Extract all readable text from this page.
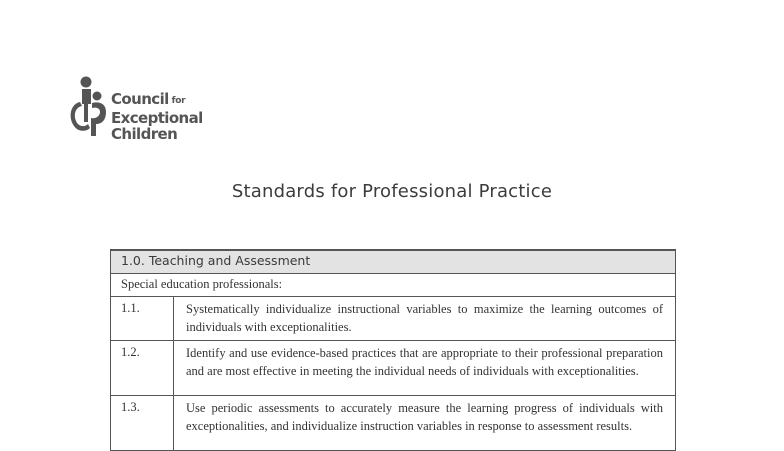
Council for
Exceptional
Children
Standards for Professional Practice
1.0. Teaching and Assessment	
Special education professionals:	
1.1.	Systematically individualize instructional variables to maximize the learning outcomes of individuals with exceptionalities.
1.2.	Identify and use evidence-based practices that are appropriate to their professional preparation and are most effective in meeting the individual needs of individuals with exceptionalities.
1.3.	Use periodic assessments to accurately measure the learning progress of individuals with exceptionalities, and individualize instruction variables in response to assessment results.
